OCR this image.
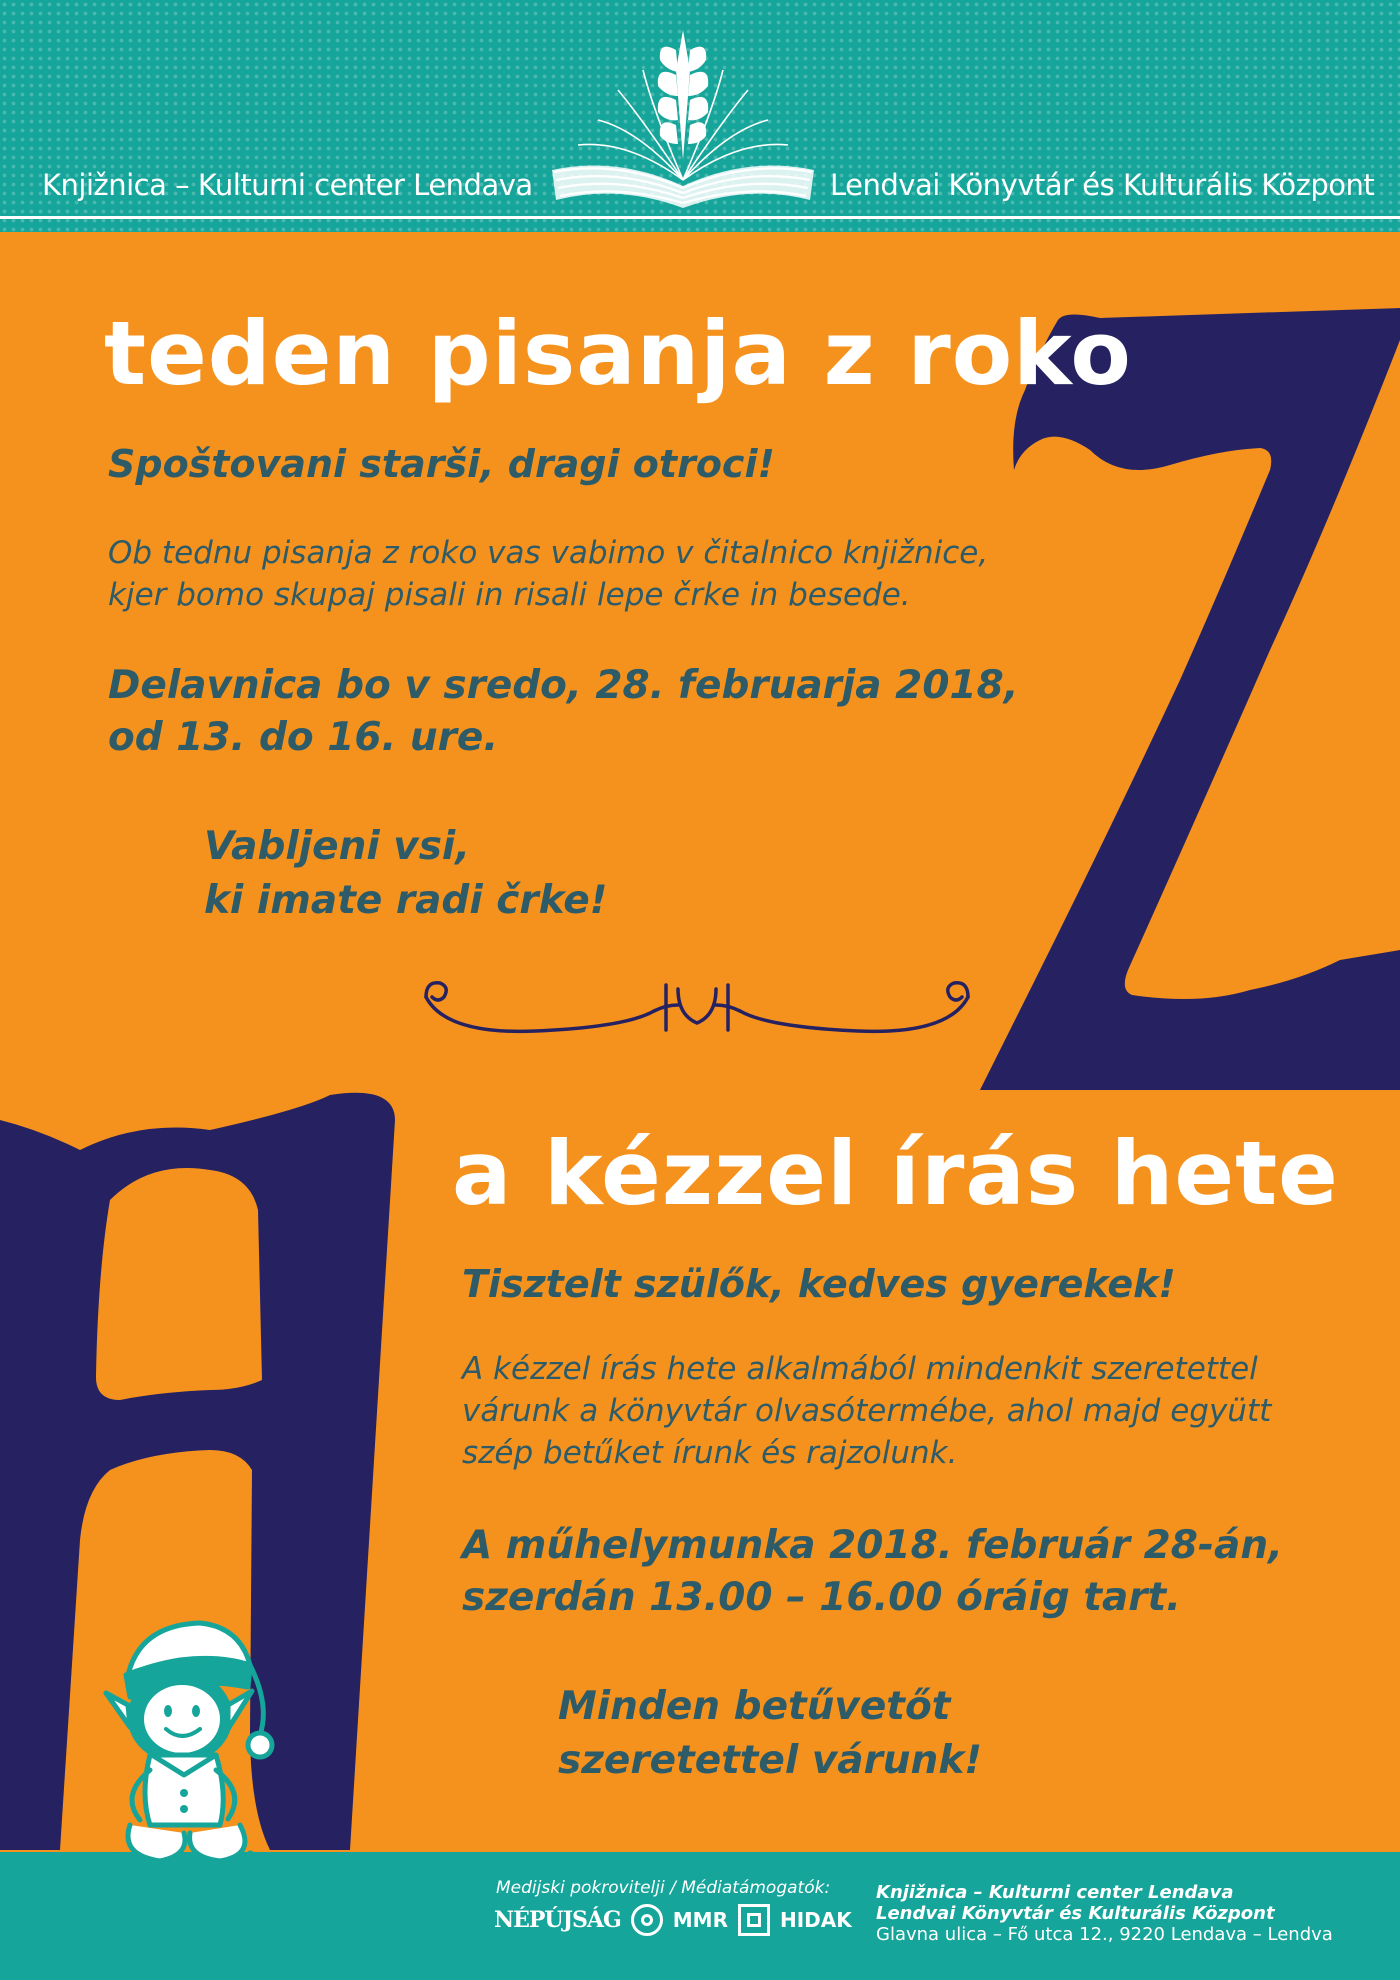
Knjižnica – Kulturni center Lendava	Lendvai Könyvtár és Kulturális Központ
teden pisanja z roko
Spoštovani starši, dragi otroci!
Ob tednu pisanja z roko vas vabimo v čitalnico knjižnice,
kjer bomo skupaj pisali in risali lepe črke in besede.
Delavnica bo v sredo, 28. februarja 2018,
od 13. do 16. ure.
Vabljeni vsi,
ki imate radi črke!
a kézzel írás hete
Tisztelt szülők, kedves gyerekek!
A kézzel írás hete alkalmából mindenkit szeretettel
várunk a könyvtár olvasótermébe, ahol majd együtt
szép betűket írunk és rajzolunk.
A műhelymunka 2018. február 28-án,
szerdán 13.00 – 16.00 óráig tart.
Minden betűvetőt
szeretettel várunk!
Medijski pokrovitelji / Médiatámogatók:
NÉPÚJSÁG	MMR	HIDAK
Knjižnica – Kulturni center Lendava
Lendvai Könyvtár és Kulturális Központ
Glavna ulica – Fő utca 12., 9220 Lendava – Lendva
